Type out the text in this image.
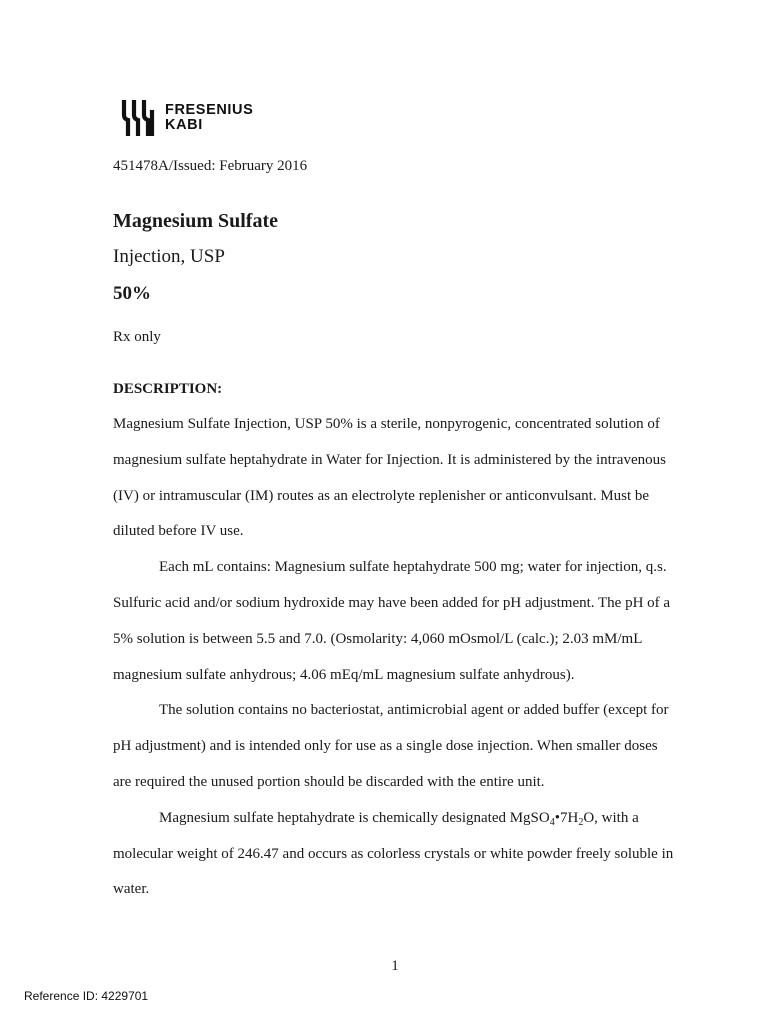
FRESENIUS
KABI
451478A/Issued: February 2016
Magnesium Sulfate
Injection, USP
50%
Rx only
DESCRIPTION:

Magnesium Sulfate Injection, USP 50% is a sterile, nonpyrogenic, concentrated solution of

magnesium sulfate heptahydrate in Water for Injection. It is administered by the intravenous

(IV) or intramuscular (IM) routes as an electrolyte replenisher or anticonvulsant. Must be

diluted before IV use.

Each mL contains: Magnesium sulfate heptahydrate 500 mg; water for injection, q.s.

Sulfuric acid and/or sodium hydroxide may have been added for pH adjustment. The pH of a

5% solution is between 5.5 and 7.0. (Osmolarity: 4,060 mOsmol/L (calc.); 2.03 mM/mL

magnesium sulfate anhydrous; 4.06 mEq/mL magnesium sulfate anhydrous).

The solution contains no bacteriostat, antimicrobial agent or added buffer (except for

pH adjustment) and is intended only for use as a single dose injection. When smaller doses

are required the unused portion should be discarded with the entire unit.

Magnesium sulfate heptahydrate is chemically designated $MgSO_4•7H_2O$, with a

molecular weight of 246.47 and occurs as colorless crystals or white powder freely soluble in

water.

1
Reference ID: 4229701
